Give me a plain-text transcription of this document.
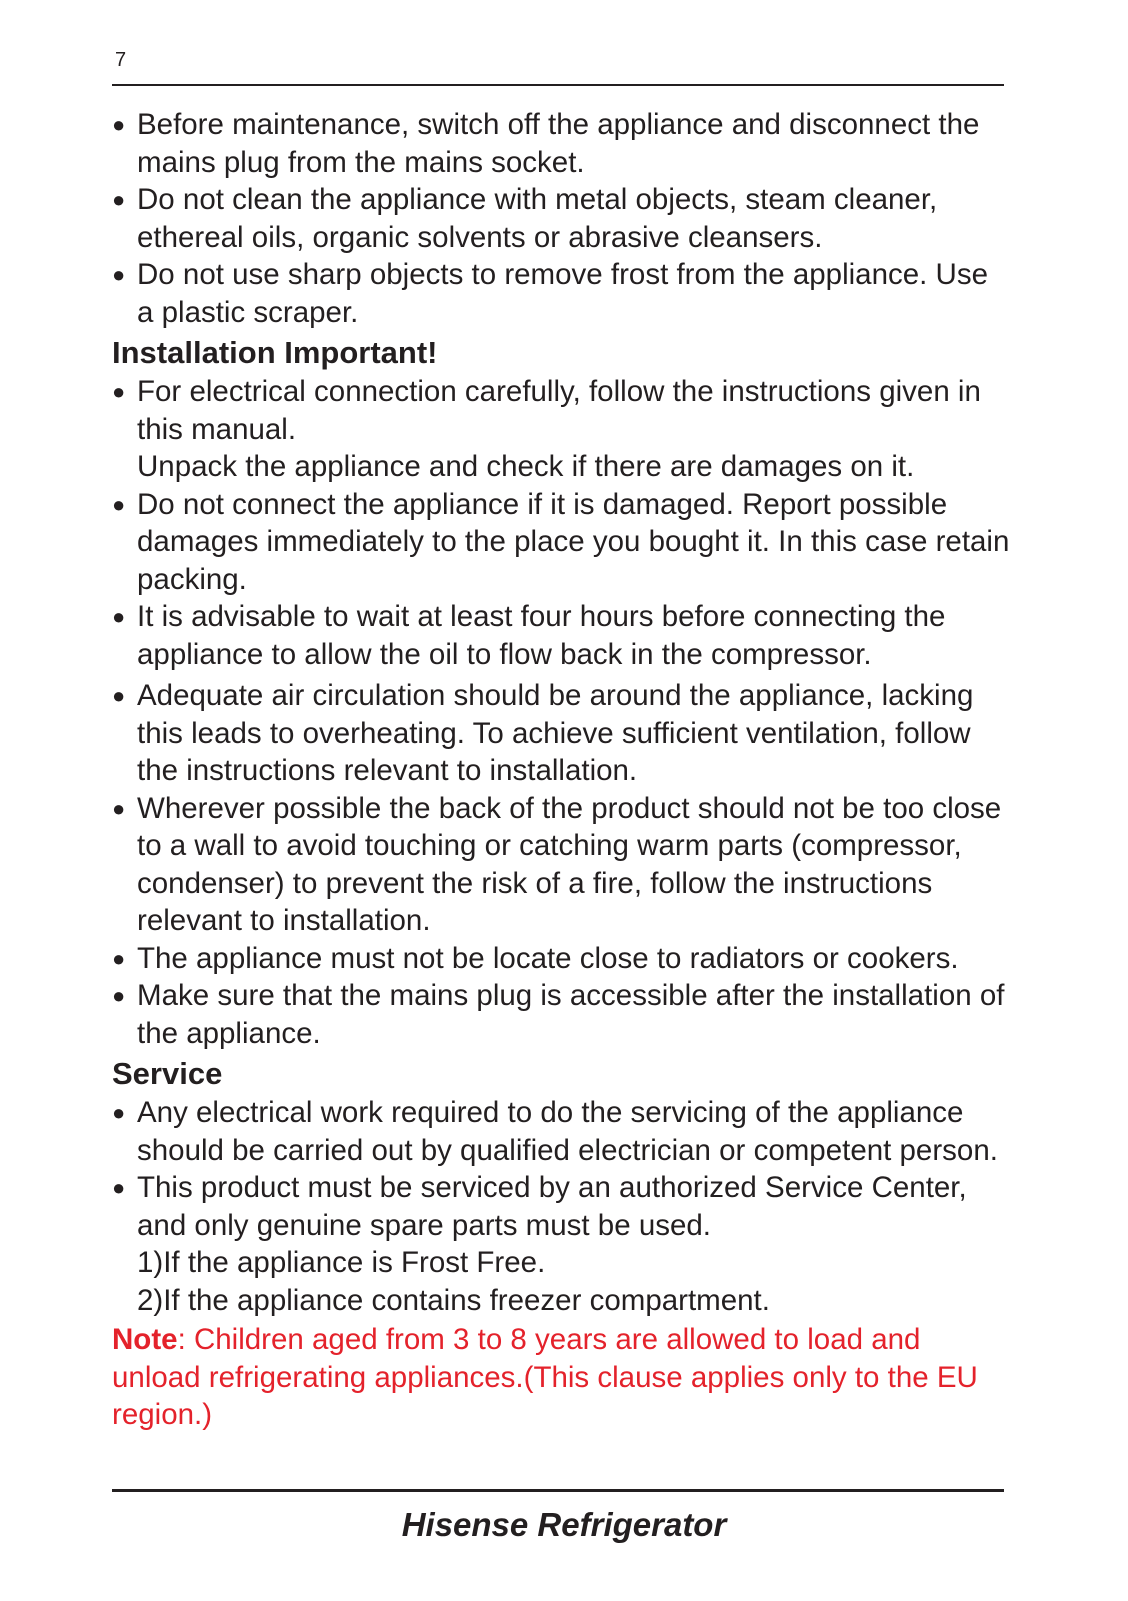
7
● Before maintenance, switch off the appliance and disconnect the mains plug from the mains socket.
● Do not clean the appliance with metal objects, steam cleaner, ethereal oils, organic solvents or abrasive cleansers.
● Do not use sharp objects to remove frost from the appliance. Use a plastic scraper.
Installation Important!
● For electrical connection carefully, follow the instructions given in this manual.
Unpack the appliance and check if there are damages on it.
● Do not connect the appliance if it is damaged. Report possible damages immediately to the place you bought it. In this case retain packing.
● It is advisable to wait at least four hours before connecting the appliance to allow the oil to flow back in the compressor.
● Adequate air circulation should be around the appliance, lacking this leads to overheating. To achieve sufficient ventilation, follow the instructions relevant to installation.
● Wherever possible the back of the product should not be too close to a wall to avoid touching or catching warm parts (compressor, condenser) to prevent the risk of a fire, follow the instructions relevant to installation.
● The appliance must not be locate close to radiators or cookers.
● Make sure that the mains plug is accessible after the installation of the appliance.
Service
● Any electrical work required to do the servicing of the appliance should be carried out by qualified electrician or competent person.
● This product must be serviced by an authorized Service Center, and only genuine spare parts must be used.
1)If the appliance is Frost Free.
2)If the appliance contains freezer compartment.
Note: Children aged from 3 to 8 years are allowed to load and unload refrigerating appliances.(This clause applies only to the EU region.)
Hisense Refrigerator
